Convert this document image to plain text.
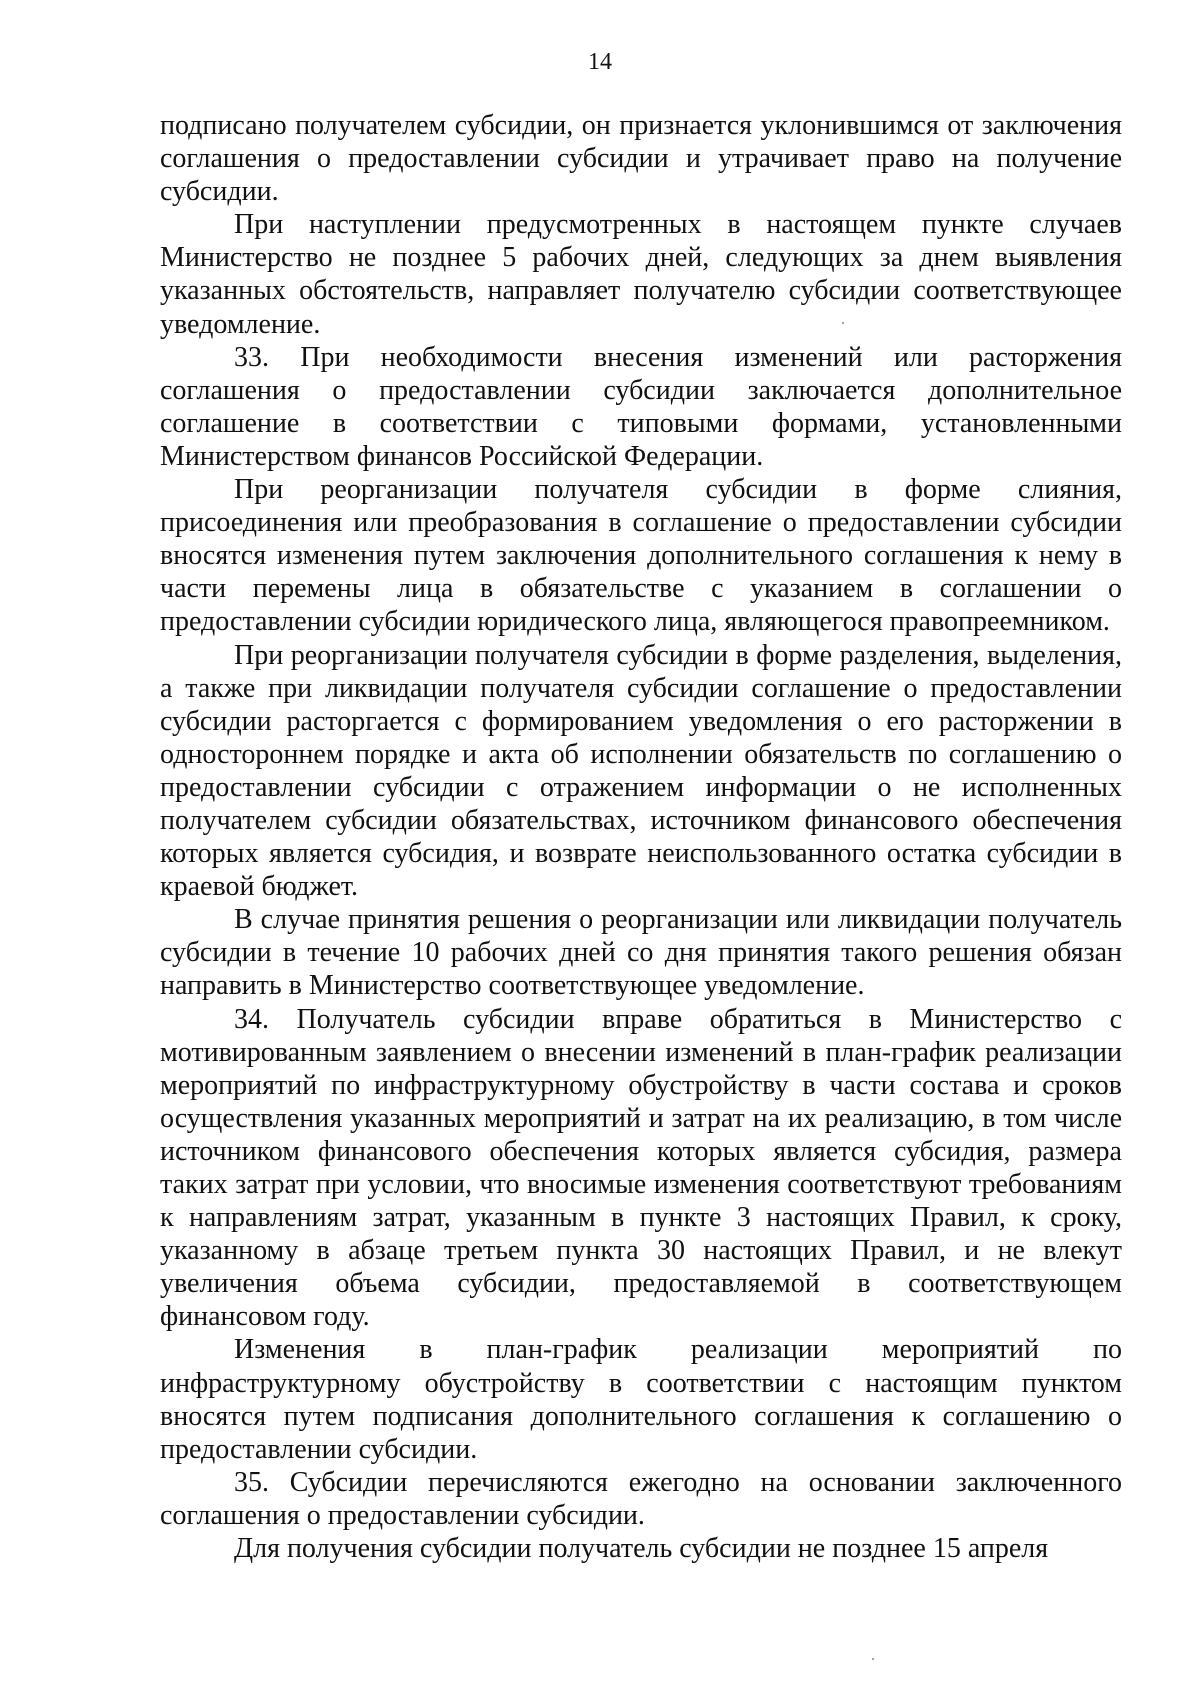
14

подписано получателем субсидии, он признается уклонившимся от заключения соглашения о предоставлении субсидии и утрачивает право на получение субсидии.

При наступлении предусмотренных в настоящем пункте случаев Министерство не позднее 5 рабочих дней, следующих за днем выявления указанных обстоятельств, направляет получателю субсидии соответствующее уведомление.

33. При необходимости внесения изменений или расторжения соглашения о предоставлении субсидии заключается дополнительное соглашение в соответствии с типовыми формами, установленными Министерством финансов Российской Федерации.

При реорганизации получателя субсидии в форме слияния, присоединения или преобразования в соглашение о предоставлении субсидии вносятся изменения путем заключения дополнительного соглашения к нему в части перемены лица в обязательстве с указанием в соглашении о предоставлении субсидии юридического лица, являющегося правопреемником.

При реорганизации получателя субсидии в форме разделения, выделения, а также при ликвидации получателя субсидии соглашение о предоставлении субсидии расторгается с формированием уведомления о его расторжении в одностороннем порядке и акта об исполнении обязательств по соглашению о предоставлении субсидии с отражением информации о не исполненных получателем субсидии обязательствах, источником финансового обеспечения которых является субсидия, и возврате неиспользованного остатка субсидии в краевой бюджет.

В случае принятия решения о реорганизации или ликвидации получатель субсидии в течение 10 рабочих дней со дня принятия такого решения обязан направить в Министерство соответствующее уведомление.

34. Получатель субсидии вправе обратиться в Министерство с мотивированным заявлением о внесении изменений в план-график реализации мероприятий по инфраструктурному обустройству в части состава и сроков осуществления указанных мероприятий и затрат на их реализацию, в том числе источником финансового обеспечения которых является субсидия, размера таких затрат при условии, что вносимые изменения соответствуют требованиям к направлениям затрат, указанным в пункте 3 настоящих Правил, к сроку, указанному в абзаце третьем пункта 30 настоящих Правил, и не влекут увеличения объема субсидии, предоставляемой в соответствующем финансовом году.

Изменения в план-график реализации мероприятий по инфраструктурному обустройству в соответствии с настоящим пунктом вносятся путем подписания дополнительного соглашения к соглашению о предоставлении субсидии.

35. Субсидии перечисляются ежегодно на основании заключенного соглашения о предоставлении субсидии.

Для получения субсидии получатель субсидии не позднее 15 апреля
